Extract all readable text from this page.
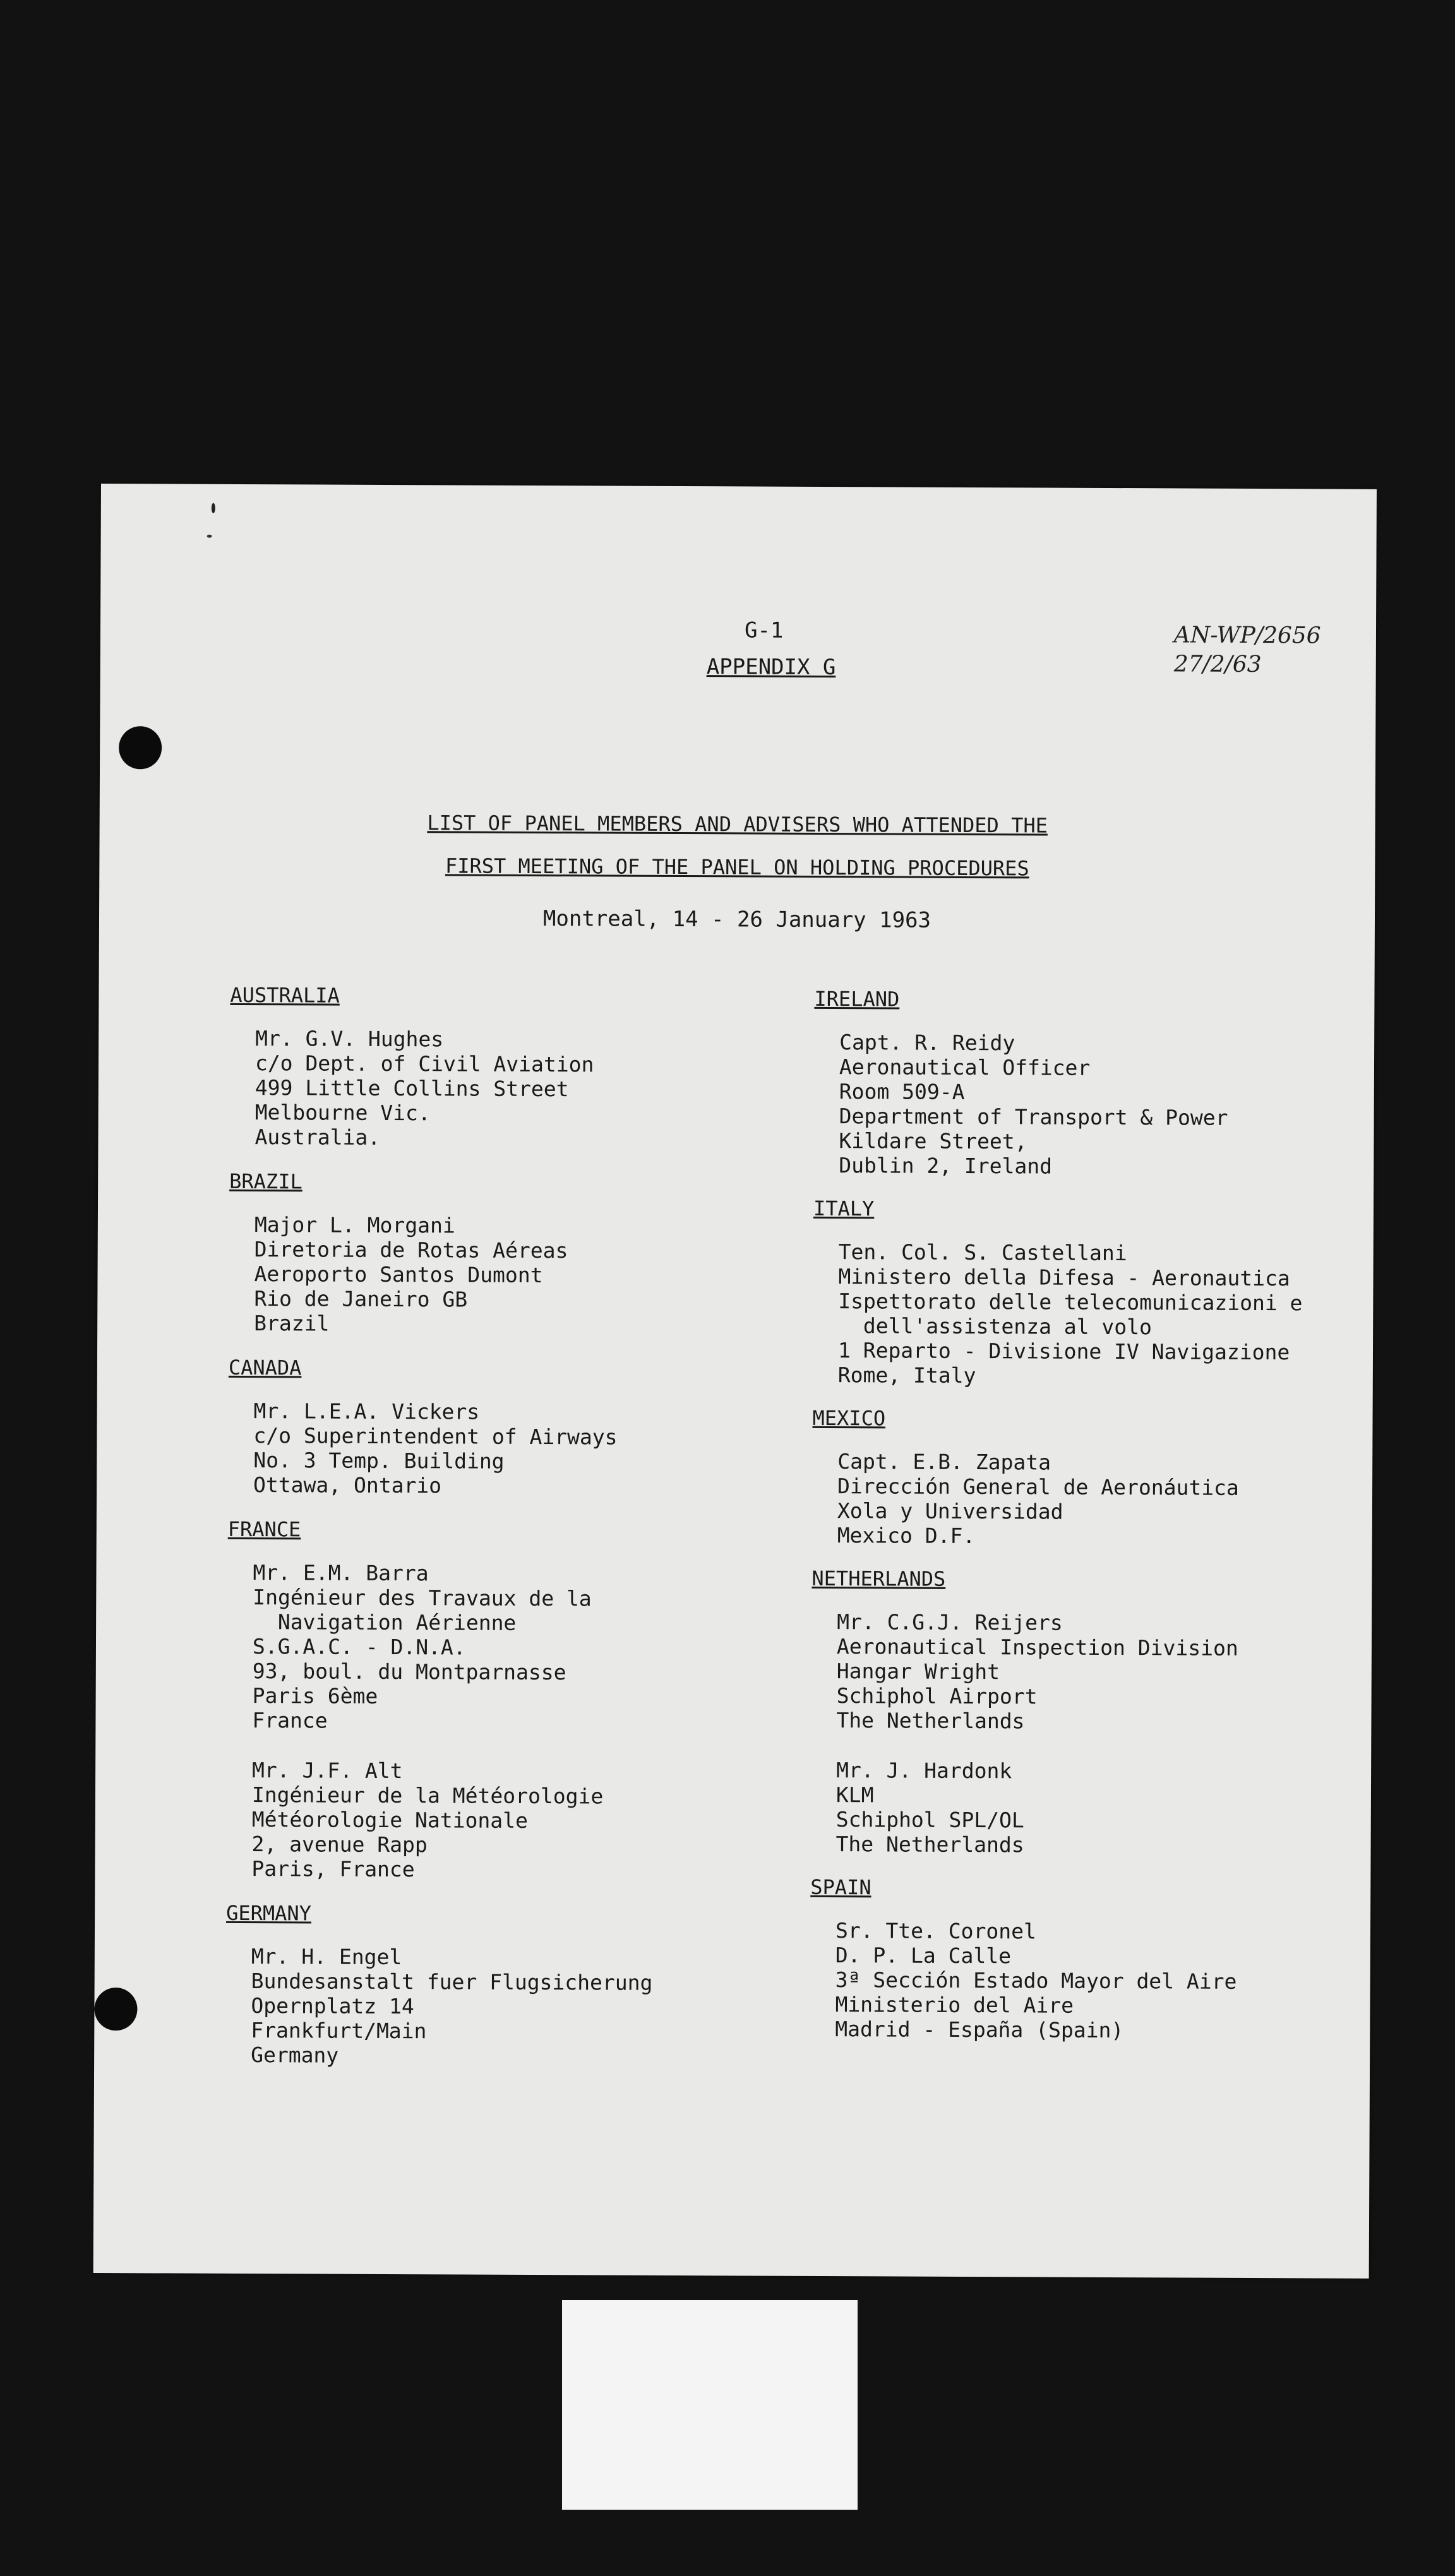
G-1
APPENDIX G
AN-WP/2656
27/2/63
LIST OF PANEL MEMBERS AND ADVISERS WHO ATTENDED THE
FIRST MEETING OF THE PANEL ON HOLDING PROCEDURES
Montreal, 14 - 26 January 1963
AUSTRALIA
Mr. G.V. Hughes
c/o Dept. of Civil Aviation
499 Little Collins Street
Melbourne Vic.
Australia.
BRAZIL
Major L. Morgani
Diretoria de Rotas Aéreas
Aeroporto Santos Dumont
Rio de Janeiro GB
Brazil
CANADA
Mr. L.E.A. Vickers
c/o Superintendent of Airways
No. 3 Temp. Building
Ottawa, Ontario
FRANCE
Mr. E.M. Barra
Ingénieur des Travaux de la
Navigation Aérienne
S.G.A.C. - D.N.A.
93, boul. du Montparnasse
Paris 6ème
France
Mr. J.F. Alt
Ingénieur de la Météorologie
Météorologie Nationale
2, avenue Rapp
Paris, France
GERMANY
Mr. H. Engel
Bundesanstalt fuer Flugsicherung
Opernplatz 14
Frankfurt/Main
Germany
IRELAND
Capt. R. Reidy
Aeronautical Officer
Room 509-A
Department of Transport & Power
Kildare Street,
Dublin 2, Ireland
ITALY
Ten. Col. S. Castellani
Ministero della Difesa - Aeronautica
Ispettorato delle telecomunicazioni e
dell'assistenza al volo
1 Reparto - Divisione IV Navigazione
Rome, Italy
MEXICO
Capt. E.B. Zapata
Dirección General de Aeronáutica
Xola y Universidad
Mexico D.F.
NETHERLANDS
Mr. C.G.J. Reijers
Aeronautical Inspection Division
Hangar Wright
Schiphol Airport
The Netherlands
Mr. J. Hardonk
KLM
Schiphol SPL/OL
The Netherlands
SPAIN
Sr. Tte. Coronel
D. P. La Calle
3ª Sección Estado Mayor del Aire
Ministerio del Aire
Madrid - España (Spain)
